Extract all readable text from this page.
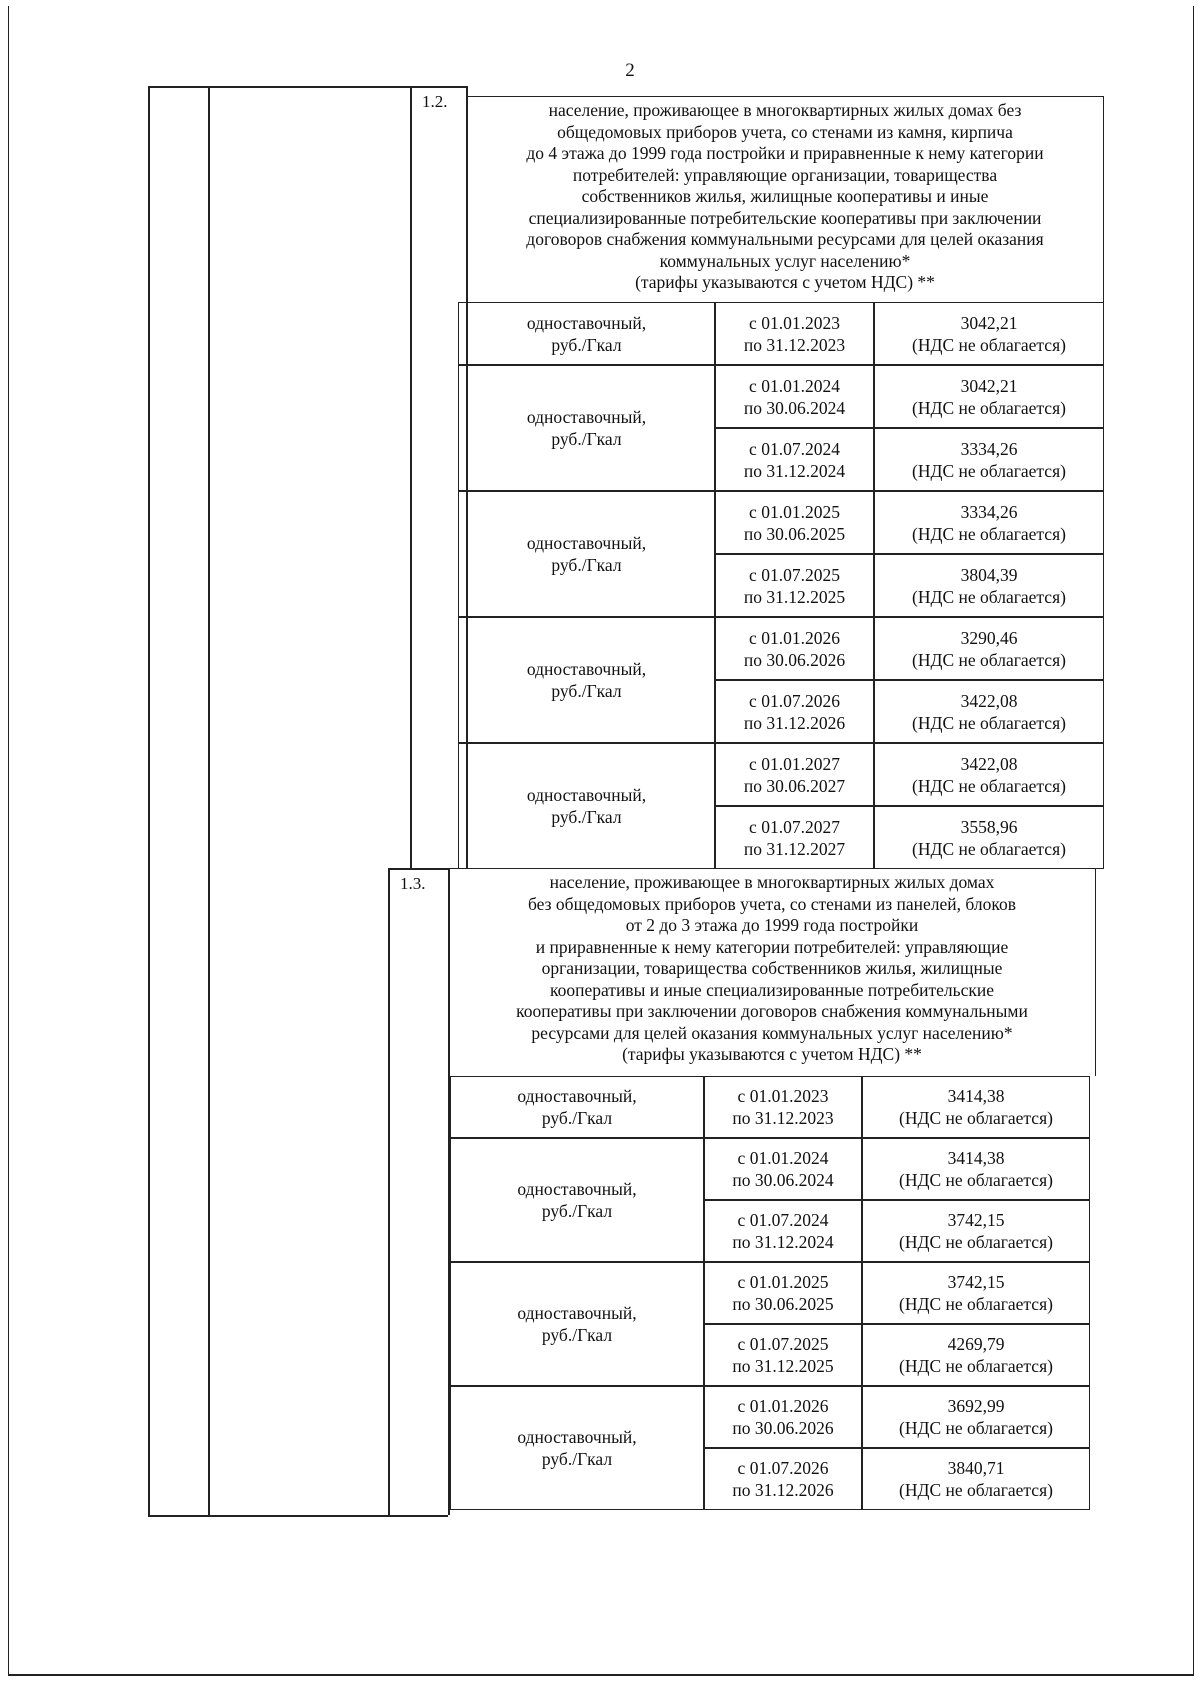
2
1.2.	население, проживающее в многоквартирных жилых домах без
общедомовых приборов учета, со стенами из камня, кирпича
до 4 этажа до 1999 года постройки и приравненные к нему категории
потребителей: управляющие организации, товарищества
собственников жилья, жилищные кооперативы и иные
специализированные потребительские кооперативы при заключении
договоров снабжения коммунальными ресурсами для целей оказания
коммунальных услуг населению*
(тарифы указываются с учетом НДС) **
одноставочный,
руб./Гкал
с 01.01.2023
по 31.12.2023
3042,21
(НДС не облагается)
одноставочный,
руб./Гкал
с 01.01.2024
по 30.06.2024
3042,21
(НДС не облагается)
с 01.07.2024
по 31.12.2024
3334,26
(НДС не облагается)
одноставочный,
руб./Гкал
с 01.01.2025
по 30.06.2025
3334,26
(НДС не облагается)
с 01.07.2025
по 31.12.2025
3804,39
(НДС не облагается)
одноставочный,
руб./Гкал
с 01.01.2026
по 30.06.2026
3290,46
(НДС не облагается)
с 01.07.2026
по 31.12.2026
3422,08
(НДС не облагается)
одноставочный,
руб./Гкал
с 01.01.2027
по 30.06.2027
3422,08
(НДС не облагается)
с 01.07.2027
по 31.12.2027
3558,96
(НДС не облагается)
1.3.	население, проживающее в многоквартирных жилых домах
без общедомовых приборов учета, со стенами из панелей, блоков
от 2 до 3 этажа до 1999 года постройки
и приравненные к нему категории потребителей: управляющие
организации, товарищества собственников жилья, жилищные
кооперативы и иные специализированные потребительские
кооперативы при заключении договоров снабжения коммунальными
ресурсами для целей оказания коммунальных услуг населению*
(тарифы указываются с учетом НДС) **
одноставочный,
руб./Гкал
с 01.01.2023
по 31.12.2023
3414,38
(НДС не облагается)
одноставочный,
руб./Гкал
с 01.01.2024
по 30.06.2024
3414,38
(НДС не облагается)
с 01.07.2024
по 31.12.2024
3742,15
(НДС не облагается)
одноставочный,
руб./Гкал
с 01.01.2025
по 30.06.2025
3742,15
(НДС не облагается)
с 01.07.2025
по 31.12.2025
4269,79
(НДС не облагается)
одноставочный,
руб./Гкал
с 01.01.2026
по 30.06.2026
3692,99
(НДС не облагается)
с 01.07.2026
по 31.12.2026
3840,71
(НДС не облагается)
